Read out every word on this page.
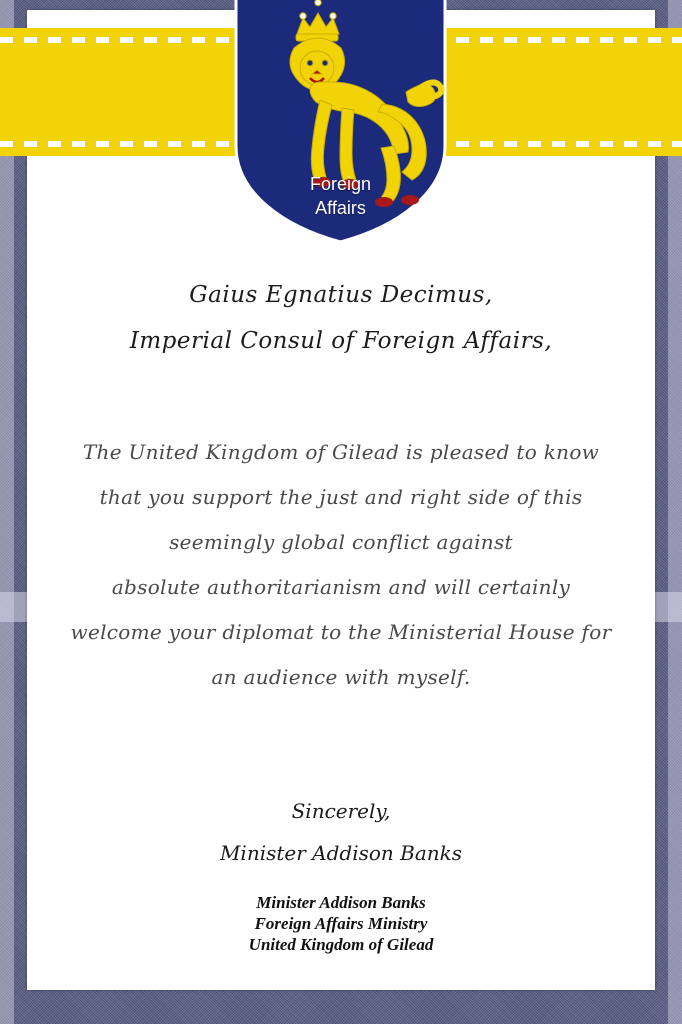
Foreign
Affairs
Gaius Egnatius Decimus,
Imperial Consul of Foreign Affairs,
The United Kingdom of Gilead is pleased to know
that you support the just and right side of this
seemingly global conflict against
absolute authoritarianism and will certainly
welcome your diplomat to the Ministerial House for
an audience with myself.
Sincerely,
Minister Addison Banks
Minister Addison Banks
Foreign Affairs Ministry
United Kingdom of Gilead
